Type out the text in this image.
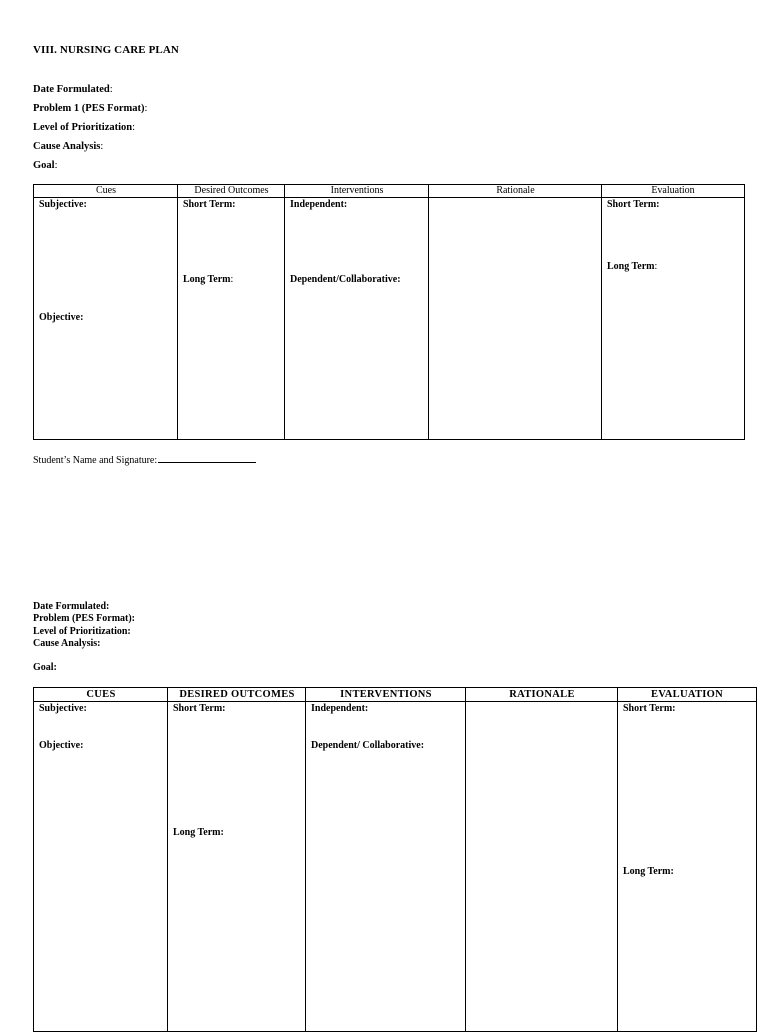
VIII. NURSING CARE PLAN
Date Formulated:
Problem 1 (PES Format):
Level of Prioritization:
Cause Analysis:
Goal:
Cues
Subjective:
Objective:
Desired Outcomes
Short Term:
Long Term:
Interventions
Independent:
Dependent/Collaborative:
Rationale	Evaluation
Short Term:
Long Term:
Student’s Name and Signature:
Date Formulated:
Problem (PES Format):
Level of Prioritization:
Cause Analysis:
Goal:
CUES
Subjective:
Objective:
DESIRED OUTCOMES
Short Term:
Long Term:
INTERVENTIONS
Independent:
Dependent/ Collaborative:
RATIONALE	EVALUATION
Short Term:
Long Term:
